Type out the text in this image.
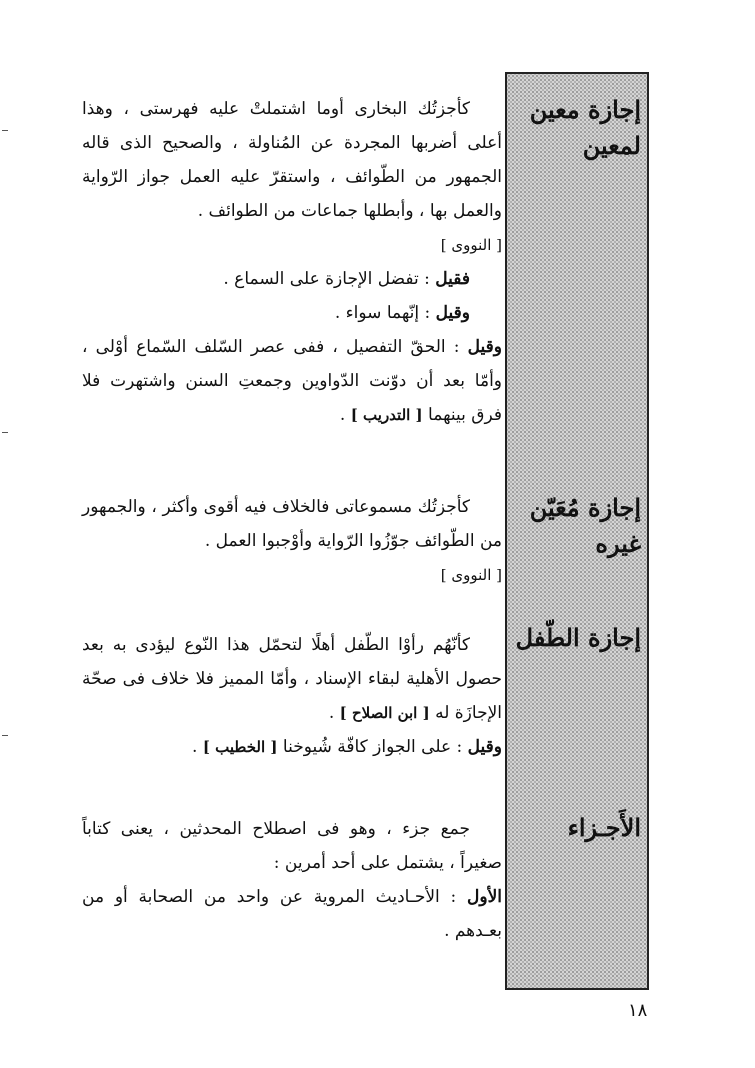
إجازة معين لمعين
إجازة مُعَيّن غيره
إجازة الطّفل
الأَجـزاء

كأجزتُك البخارى أوما اشتملتْ عليه فهرستى ، وهذا أعلى أضربها المجردة عن المُناولة ، والصحيح الذى قاله الجمهور من الطّوائف ، واستقرّ عليه العمل جواز الرّواية والعمل بها ، وأبطلها جماعات من الطوائف .

[ النووى ]

فقيل : تفضل الإجازة على السماع .

وقيل : إنّهما سواء .

وقيل : الحقّ التفصيل ، ففى عصر السّلف السّماع أوْلى ، وأمّا بعد أن دوّنت الدّواوين وجمعتِ السنن واشتهرت فلا فرق بينهما [ التدريب ] .

كأجزتُك مسموعاتى فالخلاف فيه أقوى وأكثر ، والجمهور من الطّوائف جوّزُوا الرّواية وأوْجبوا العمل .

[ النووى ]

كأنّهُم رأوْا الطّفل أهلًا لتحمّل هذا النّوع ليؤدى به بعد حصول الأهلية لبقاء الإسناد ، وأمّا المميز فلا خلاف فى صحّة الإجازَة له [ ابن الصلاح ] .

وقيل : على الجواز كافّة شُيوخنا [ الخطيب ] .

جمع جزء ، وهو فى اصطلاح المحدثين ، يعنى كتاباً صغيراً ، يشتمل على أحد أمرين :

الأول : الأحـاديث المروية عن واحد من الصحابة أو من بعـدهم .

١٨
